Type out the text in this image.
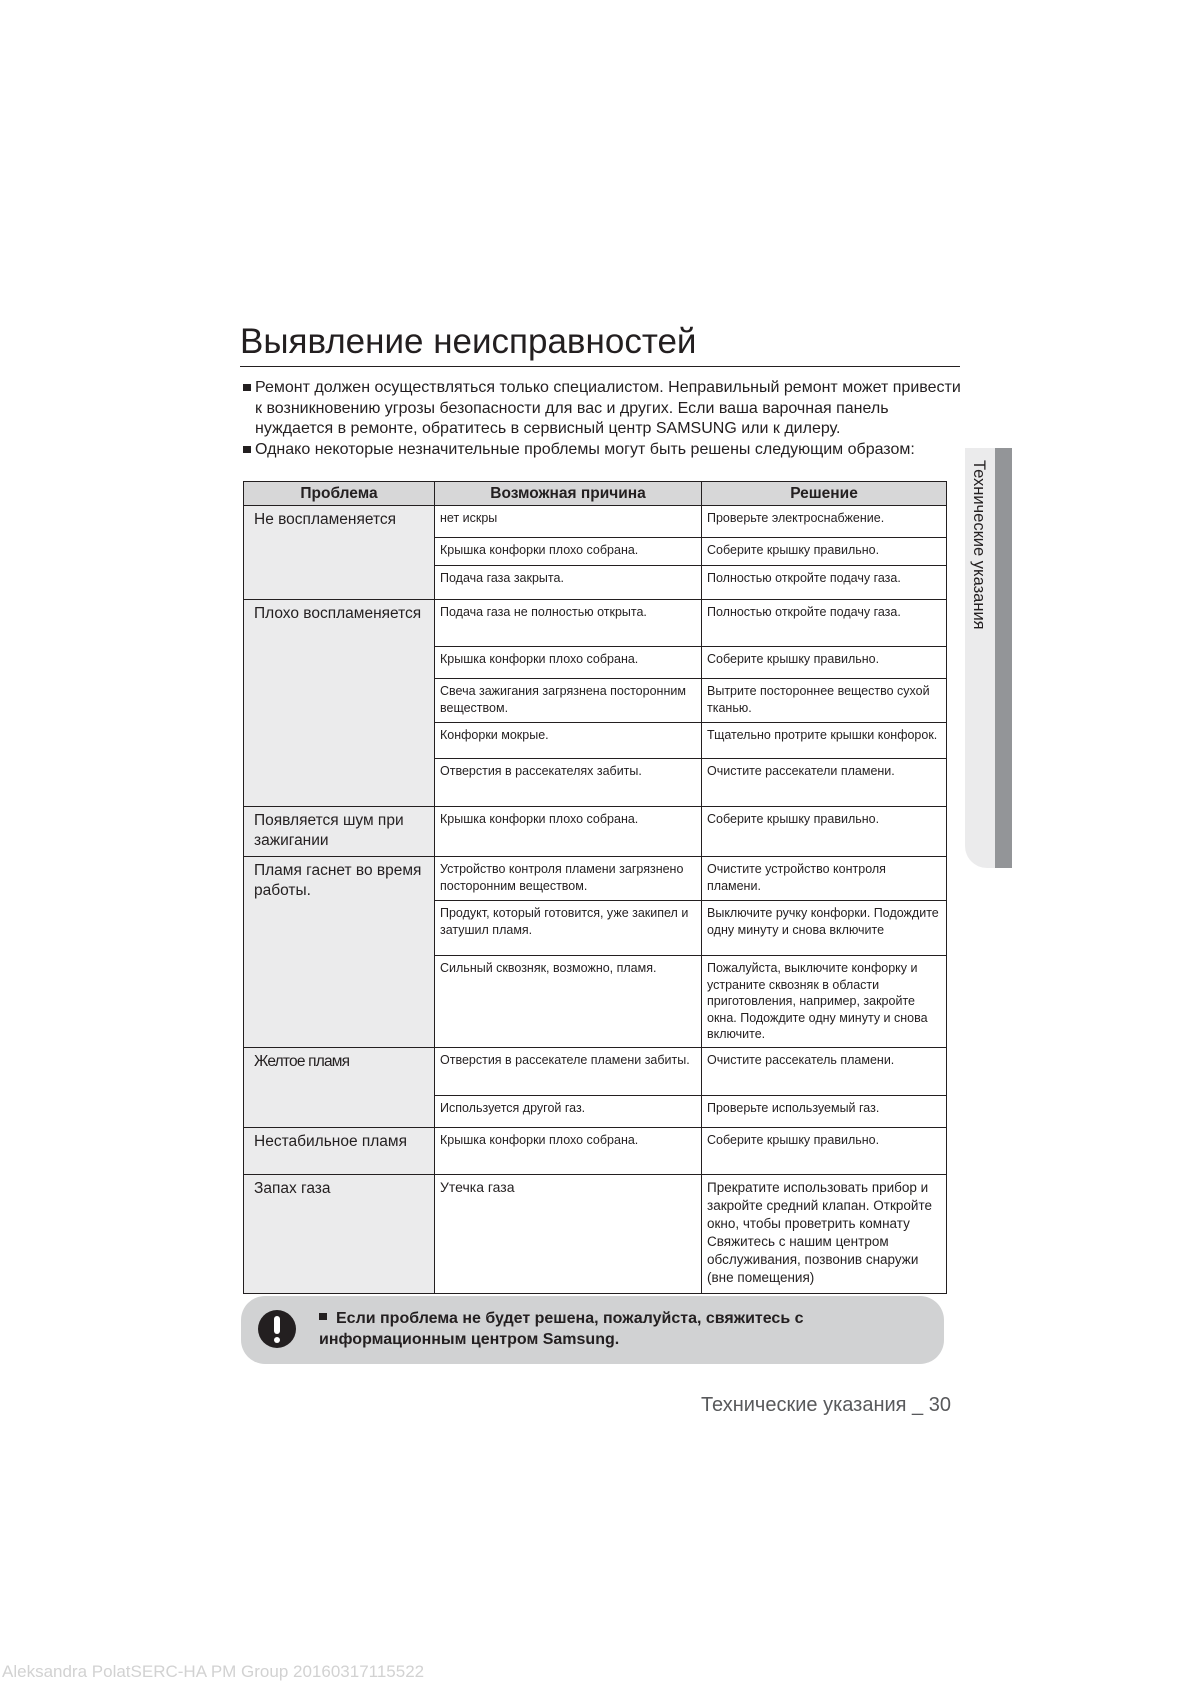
Выявление неисправностей
Ремонт должен осуществляться только специалистом. Неправильный ремонт может привести к возникновению угрозы безопасности для вас и других. Если ваша варочная панель нуждается в ремонте, обратитесь в сервисный центр SAMSUNG или к дилеру.
Однако некоторые незначительные проблемы могут быть решены следующим образом:
Технические указания
Проблема	Возможная причина	Решение
Не воспламеняется	нет искры	Проверьте электроснабжение.
	Крышка конфорки плохо собрана.	Соберите крышку правильно.
	Подача газа закрыта.	Полностью откройте подачу газа.
Плохо воспламеняется	Подача газа не полностью открыта.	Полностью откройте подачу газа.
	Крышка конфорки плохо собрана.	Соберите крышку правильно.
	Свеча зажигания загрязнена посторонним веществом.	Вытрите постороннее вещество сухой тканью.
	Конфорки мокрые.	Тщательно протрите крышки конфорок.
	Отверстия в рассекателях забиты.	Очистите рассекатели пламени.
Появляется шум при зажигании	Крышка конфорки плохо собрана.	Соберите крышку правильно.
Пламя гаснет во время работы.	Устройство контроля пламени загрязнено посторонним веществом.	Очистите устройство контроля пламени.
	Продукт, который готовится, уже закипел и затушил пламя.	Выключите ручку конфорки. Подождите одну минуту и снова включите
	Сильный сквозняк, возможно, пламя.	Пожалуйста, выключите конфорку и устраните сквозняк в области приготовления, например, закройте окна. Подождите одну минуту и снова включите.
Желтое пламя	Отверстия в рассекателе пламени забиты.	Очистите рассекатель пламени.
	Используется другой газ.	Проверьте используемый газ.
Нестабильное пламя	Крышка конфорки плохо собрана.	Соберите крышку правильно.
Запах газа	Утечка газа	Прекратите использовать прибор и закройте средний клапан. Откройте окно, чтобы проветрить комнату Свяжитесь с нашим центром обслуживания, позвонив снаружи (вне помещения)
Если проблема не будет решена, пожалуйста, свяжитесь с информационным центром Samsung.
Технические указания _ 30
Aleksandra PolatSERC-HA PM Group 20160317115522
